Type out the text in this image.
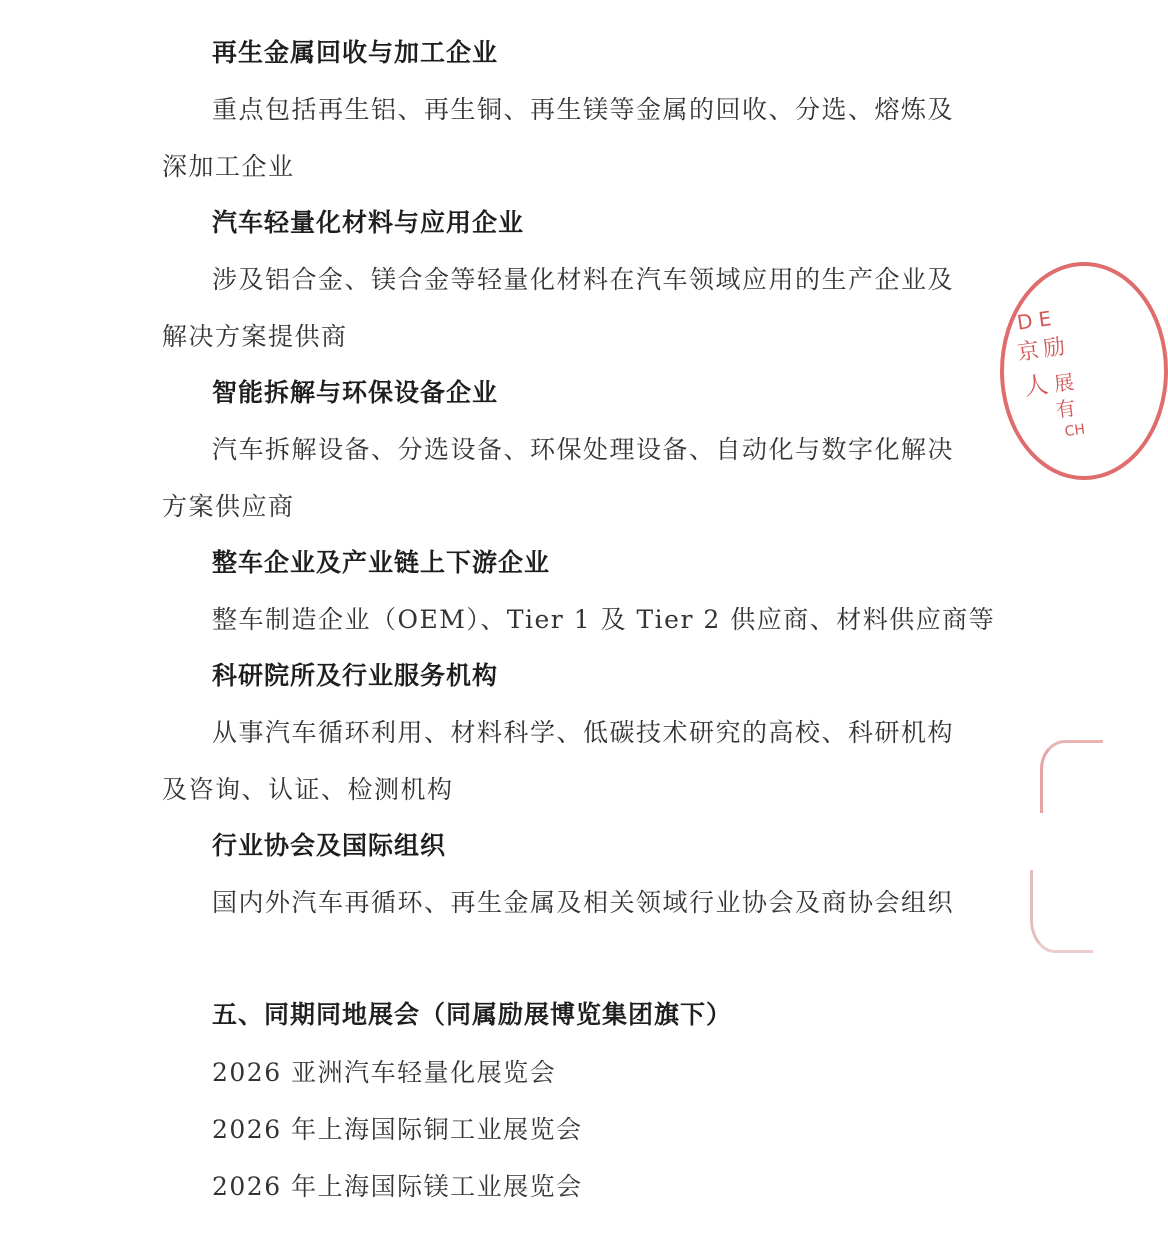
再生金属回收与加工企业
重点包括再生铝、再生铜、再生镁等金属的回收、分选、熔炼及
深加工企业
汽车轻量化材料与应用企业
涉及铝合金、镁合金等轻量化材料在汽车领域应用的生产企业及
解决方案提供商
智能拆解与环保设备企业
汽车拆解设备、分选设备、环保处理设备、自动化与数字化解决
方案供应商
整车企业及产业链上下游企业
整车制造企业（OEM）、Tier 1 及 Tier 2 供应商、材料供应商等
科研院所及行业服务机构
从事汽车循环利用、材料科学、低碳技术研究的高校、科研机构
及咨询、认证、检测机构
行业协会及国际组织
国内外汽车再循环、再生金属及相关领域行业协会及商协会组织
五、同期同地展会（同属励展博览集团旗下）
2026 亚洲汽车轻量化展览会
2026 年上海国际铜工业展览会
2026 年上海国际镁工业展览会
D E
京 励
人 展
有
CH
